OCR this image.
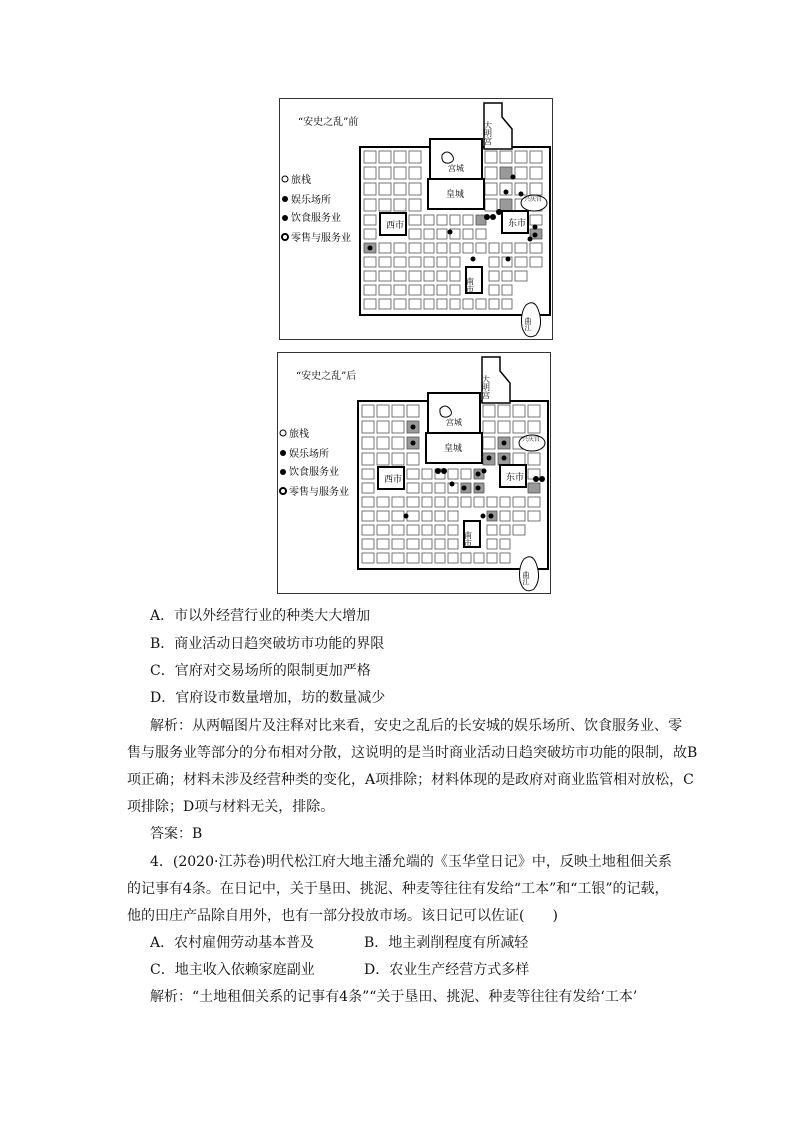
“安史之乱”前
旅栈
娱乐场所
饮食服务业
零售与服务业
宫城
皇城
大明宫
西市	东市
南市
兴庆宫
曲江
“安史之乱”后
旅栈
娱乐场所
饮食服务业
零售与服务业
宫城
皇城
大明宫
西市	东市
南市
兴庆宫
曲江
A．市以外经营行业的种类大大增加
B．商业活动日趋突破坊市功能的界限
C．官府对交易场所的限制更加严格
D．官府设市数量增加，坊的数量减少
解析：从两幅图片及注释对比来看，安史之乱后的长安城的娱乐场所、饮食服务业、零
售与服务业等部分的分布相对分散，这说明的是当时商业活动日趋突破坊市功能的限制，故B
项正确；材料未涉及经营种类的变化，A项排除；材料体现的是政府对商业监管相对放松，C
项排除；D项与材料无关，排除。
答案：B
4．(2020·江苏卷)明代松江府大地主潘允端的《玉华堂日记》中，反映土地租佃关系
的记事有4条。在日记中，关于垦田、挑泥、种麦等往往有发给“工本”和“工银”的记载，
他的田庄产品除自用外，也有一部分投放市场。该日记可以佐证(　　)
A．农村雇佣劳动基本普及	B．地主剥削程度有所减轻
C．地主收入依赖家庭副业	D．农业生产经营方式多样
解析：“土地租佃关系的记事有4条”“关于垦田、挑泥、种麦等往往有发给‘工本’
